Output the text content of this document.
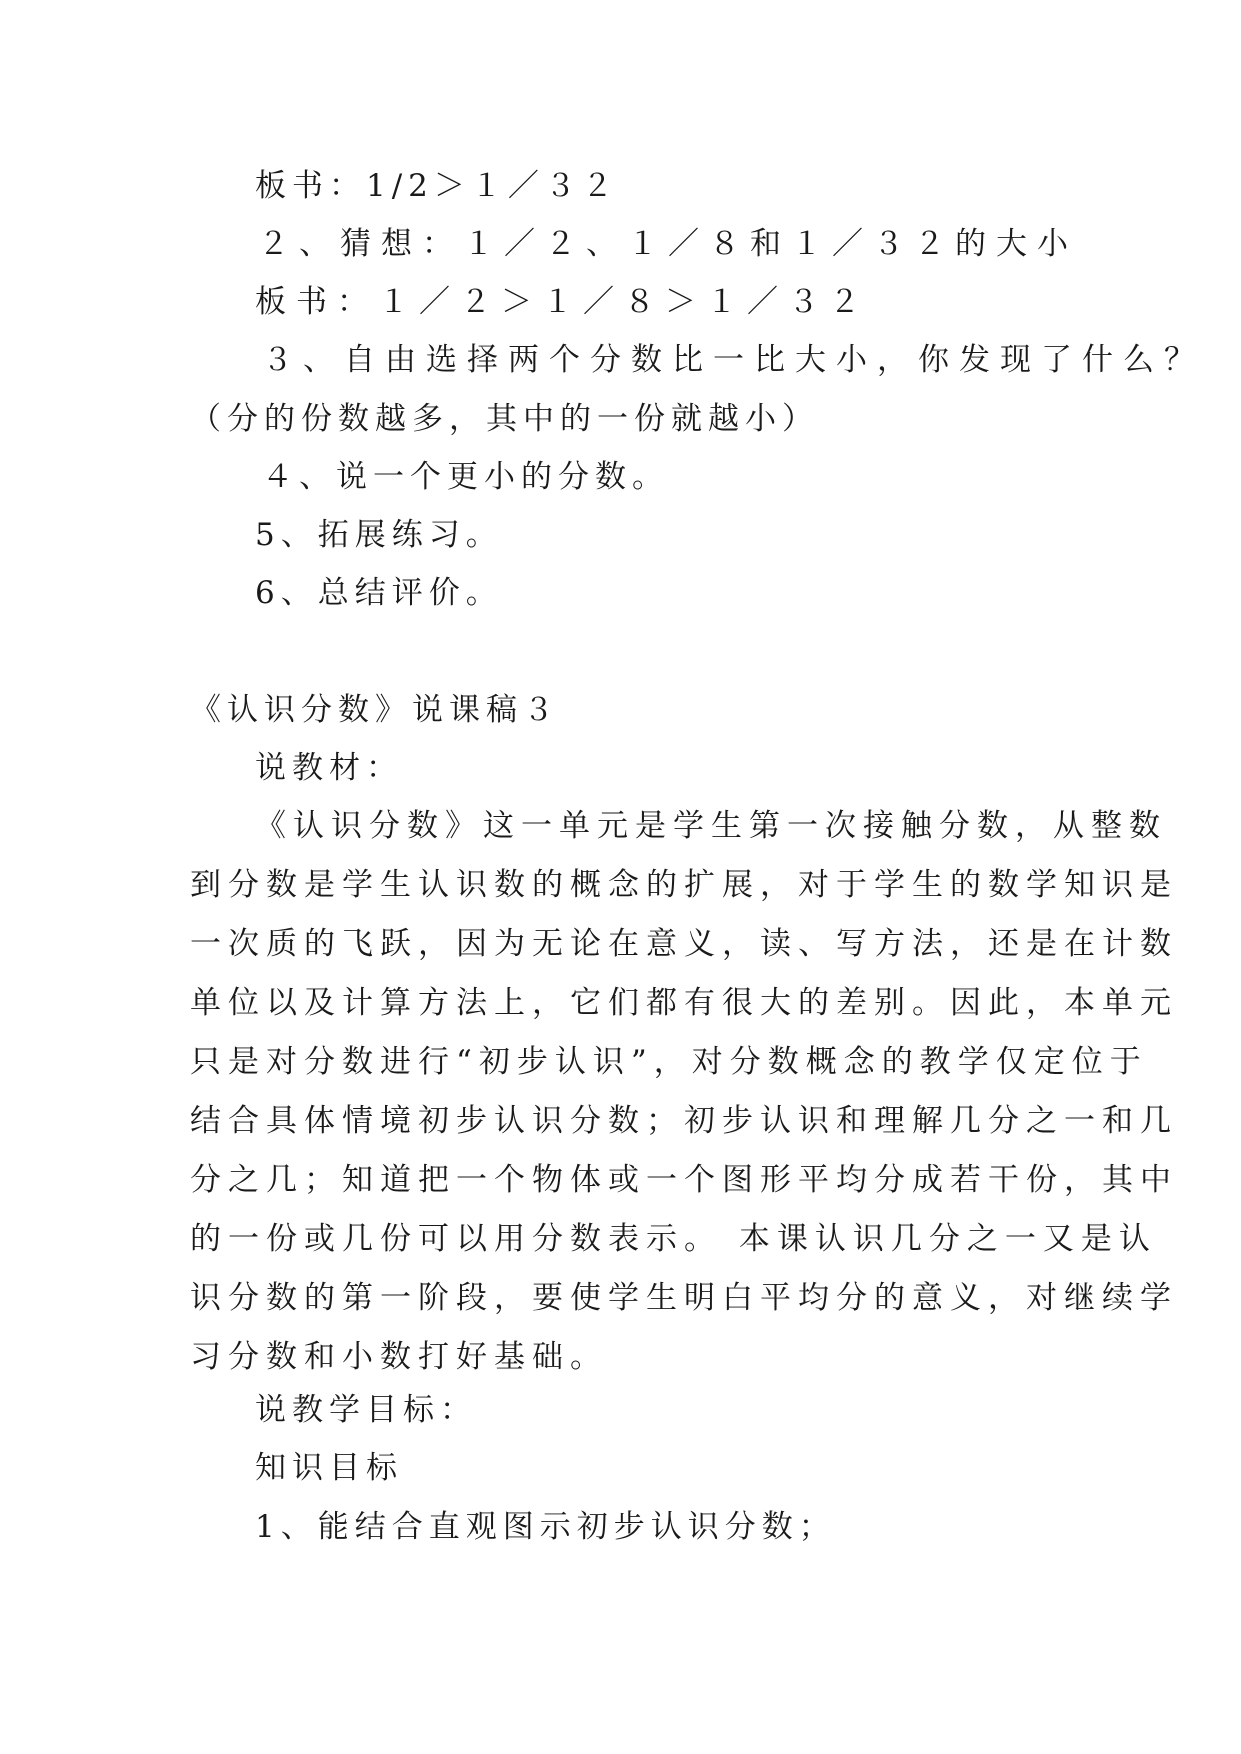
板书：1/2＞１／３２
２、猜想：１／２、１／８和１／３２的大小
板书：１／２＞１／８＞１／３２
３、自由选择两个分数比一比大小，你发现了什么？
（分的份数越多，其中的一份就越小）
４、说一个更小的分数。
5、拓展练习。
6、总结评价。
《认识分数》说课稿３
说教材：
《认识分数》这一单元是学生第一次接触分数，从整数
到分数是学生认识数的概念的扩展，对于学生的数学知识是
一次质的飞跃，因为无论在意义，读、写方法，还是在计数
单位以及计算方法上，它们都有很大的差别。因此，本单元
只是对分数进行“初步认识”，对分数概念的教学仅定位于
结合具体情境初步认识分数；初步认识和理解几分之一和几
分之几；知道把一个物体或一个图形平均分成若干份，其中
的一份或几份可以用分数表示。 本课认识几分之一又是认
识分数的第一阶段，要使学生明白平均分的意义，对继续学
习分数和小数打好基础。
说教学目标：
知识目标
1、能结合直观图示初步认识分数；
